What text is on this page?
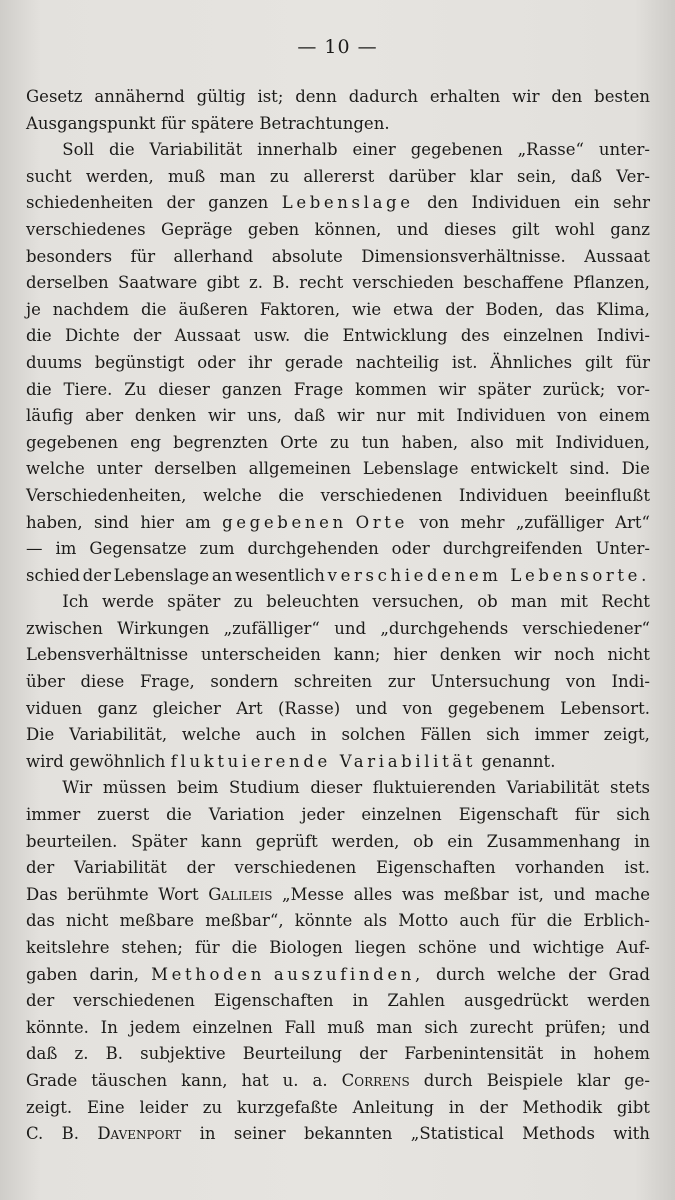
— 10 —
Gesetz annähernd gültig ist; denn dadurch erhalten wir den besten
Ausgangspunkt für spätere Betrachtungen.
Soll die Variabilität innerhalb einer gegebenen „Rasse“ unter-
sucht werden, muß man zu allererst darüber klar sein, daß Ver-
schiedenheiten der ganzen Lebenslage den Individuen ein sehr
verschiedenes Gepräge geben können, und dieses gilt wohl ganz
besonders für allerhand absolute Dimensionsverhältnisse. Aussaat
derselben Saatware gibt z. B. recht verschieden beschaffene Pflanzen,
je nachdem die äußeren Faktoren, wie etwa der Boden, das Klima,
die Dichte der Aussaat usw. die Entwicklung des einzelnen Indivi-
duums begünstigt oder ihr gerade nachteilig ist. Ähnliches gilt für
die Tiere. Zu dieser ganzen Frage kommen wir später zurück; vor-
läufig aber denken wir uns, daß wir nur mit Individuen von einem
gegebenen eng begrenzten Orte zu tun haben, also mit Individuen,
welche unter derselben allgemeinen Lebenslage entwickelt sind. Die
Verschiedenheiten, welche die verschiedenen Individuen beeinflußt
haben, sind hier am gegebenen Orte von mehr „zufälliger Art“
— im Gegensatze zum durchgehenden oder durchgreifenden Unter-
schied der Lebenslage an wesentlich verschiedenem Lebensorte.
Ich werde später zu beleuchten versuchen, ob man mit Recht
zwischen Wirkungen „zufälliger“ und „durchgehends verschiedener“
Lebensverhältnisse unterscheiden kann; hier denken wir noch nicht
über diese Frage, sondern schreiten zur Untersuchung von Indi-
viduen ganz gleicher Art (Rasse) und von gegebenem Lebensort.
Die Variabilität, welche auch in solchen Fällen sich immer zeigt,
wird gewöhnlich fluktuierende Variabilität genannt.
Wir müssen beim Studium dieser fluktuierenden Variabilität stets
immer zuerst die Variation jeder einzelnen Eigenschaft für sich
beurteilen. Später kann geprüft werden, ob ein Zusammenhang in
der Variabilität der verschiedenen Eigenschaften vorhanden ist.
Das berühmte Wort Galileis „Messe alles was meßbar ist, und mache
das nicht meßbare meßbar“, könnte als Motto auch für die Erblich-
keitslehre stehen; für die Biologen liegen schöne und wichtige Auf-
gaben darin, Methoden auszufinden, durch welche der Grad
der verschiedenen Eigenschaften in Zahlen ausgedrückt werden
könnte. In jedem einzelnen Fall muß man sich zurecht prüfen; und
daß z. B. subjektive Beurteilung der Farbenintensität in hohem
Grade täuschen kann, hat u. a. Correns durch Beispiele klar ge-
zeigt. Eine leider zu kurzgefaßte Anleitung in der Methodik gibt
C. B. Davenport in seiner bekannten „Statistical Methods with
